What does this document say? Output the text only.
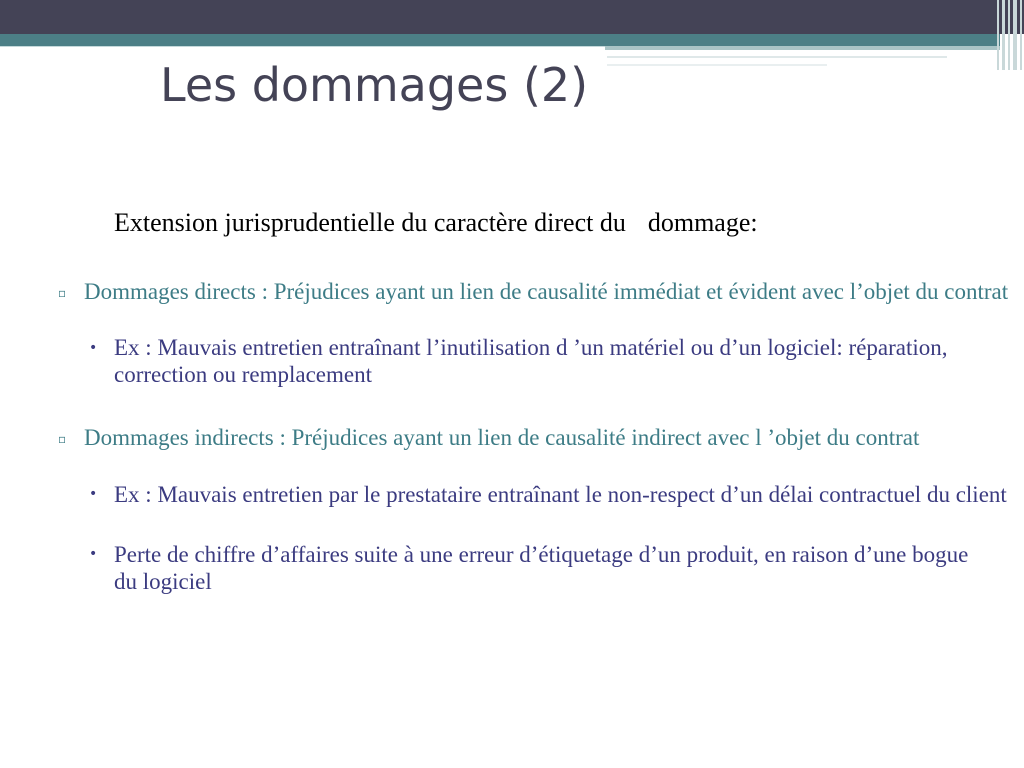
Les dommages (2)
Extension jurisprudentielle du caractère direct du dommage:
▫ Dommages directs : Préjudices ayant un lien de causalité immédiat et évident avec l’objet du contrat
• Ex : Mauvais entretien entraînant l’inutilisation d ’un matériel ou d’un logiciel: réparation, correction ou remplacement
▫ Dommages indirects : Préjudices ayant un lien de causalité indirect avec l ’objet du contrat
• Ex : Mauvais entretien par le prestataire entraînant le non-respect d’un délai contractuel du client
• Perte de chiffre d’affaires suite à une erreur d’étiquetage d’un produit, en raison d’une bogue du logiciel
